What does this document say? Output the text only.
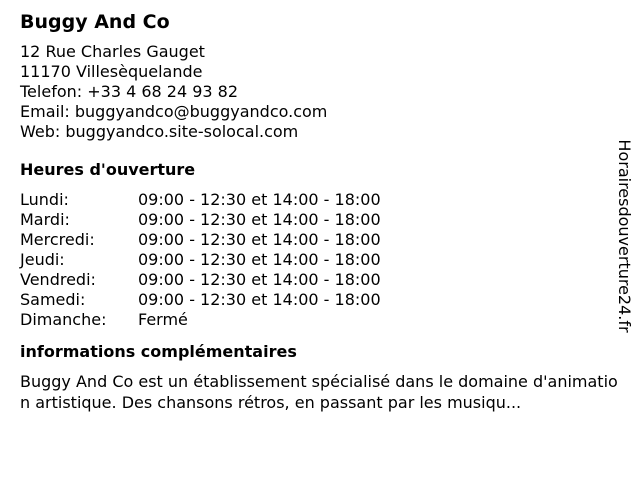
Buggy And Co
12 Rue Charles Gauget
11170 Villesèquelande
Telefon: +33 4 68 24 93 82
Email: buggyandco@buggyandco.com
Web: buggyandco.site-solocal.com
Heures d'ouverture
Lundi:	09:00 - 12:30 et 14:00 - 18:00
Mardi:	09:00 - 12:30 et 14:00 - 18:00
Mercredi:	09:00 - 12:30 et 14:00 - 18:00
Jeudi:	09:00 - 12:30 et 14:00 - 18:00
Vendredi:	09:00 - 12:30 et 14:00 - 18:00
Samedi:	09:00 - 12:30 et 14:00 - 18:00
Dimanche:	Fermé
informations complémentaires
Buggy And Co est un établissement spécialisé dans le domaine d'animation artistique. Des chansons rétros, en passant par les musiqu...
Horairesdouverture24.fr
